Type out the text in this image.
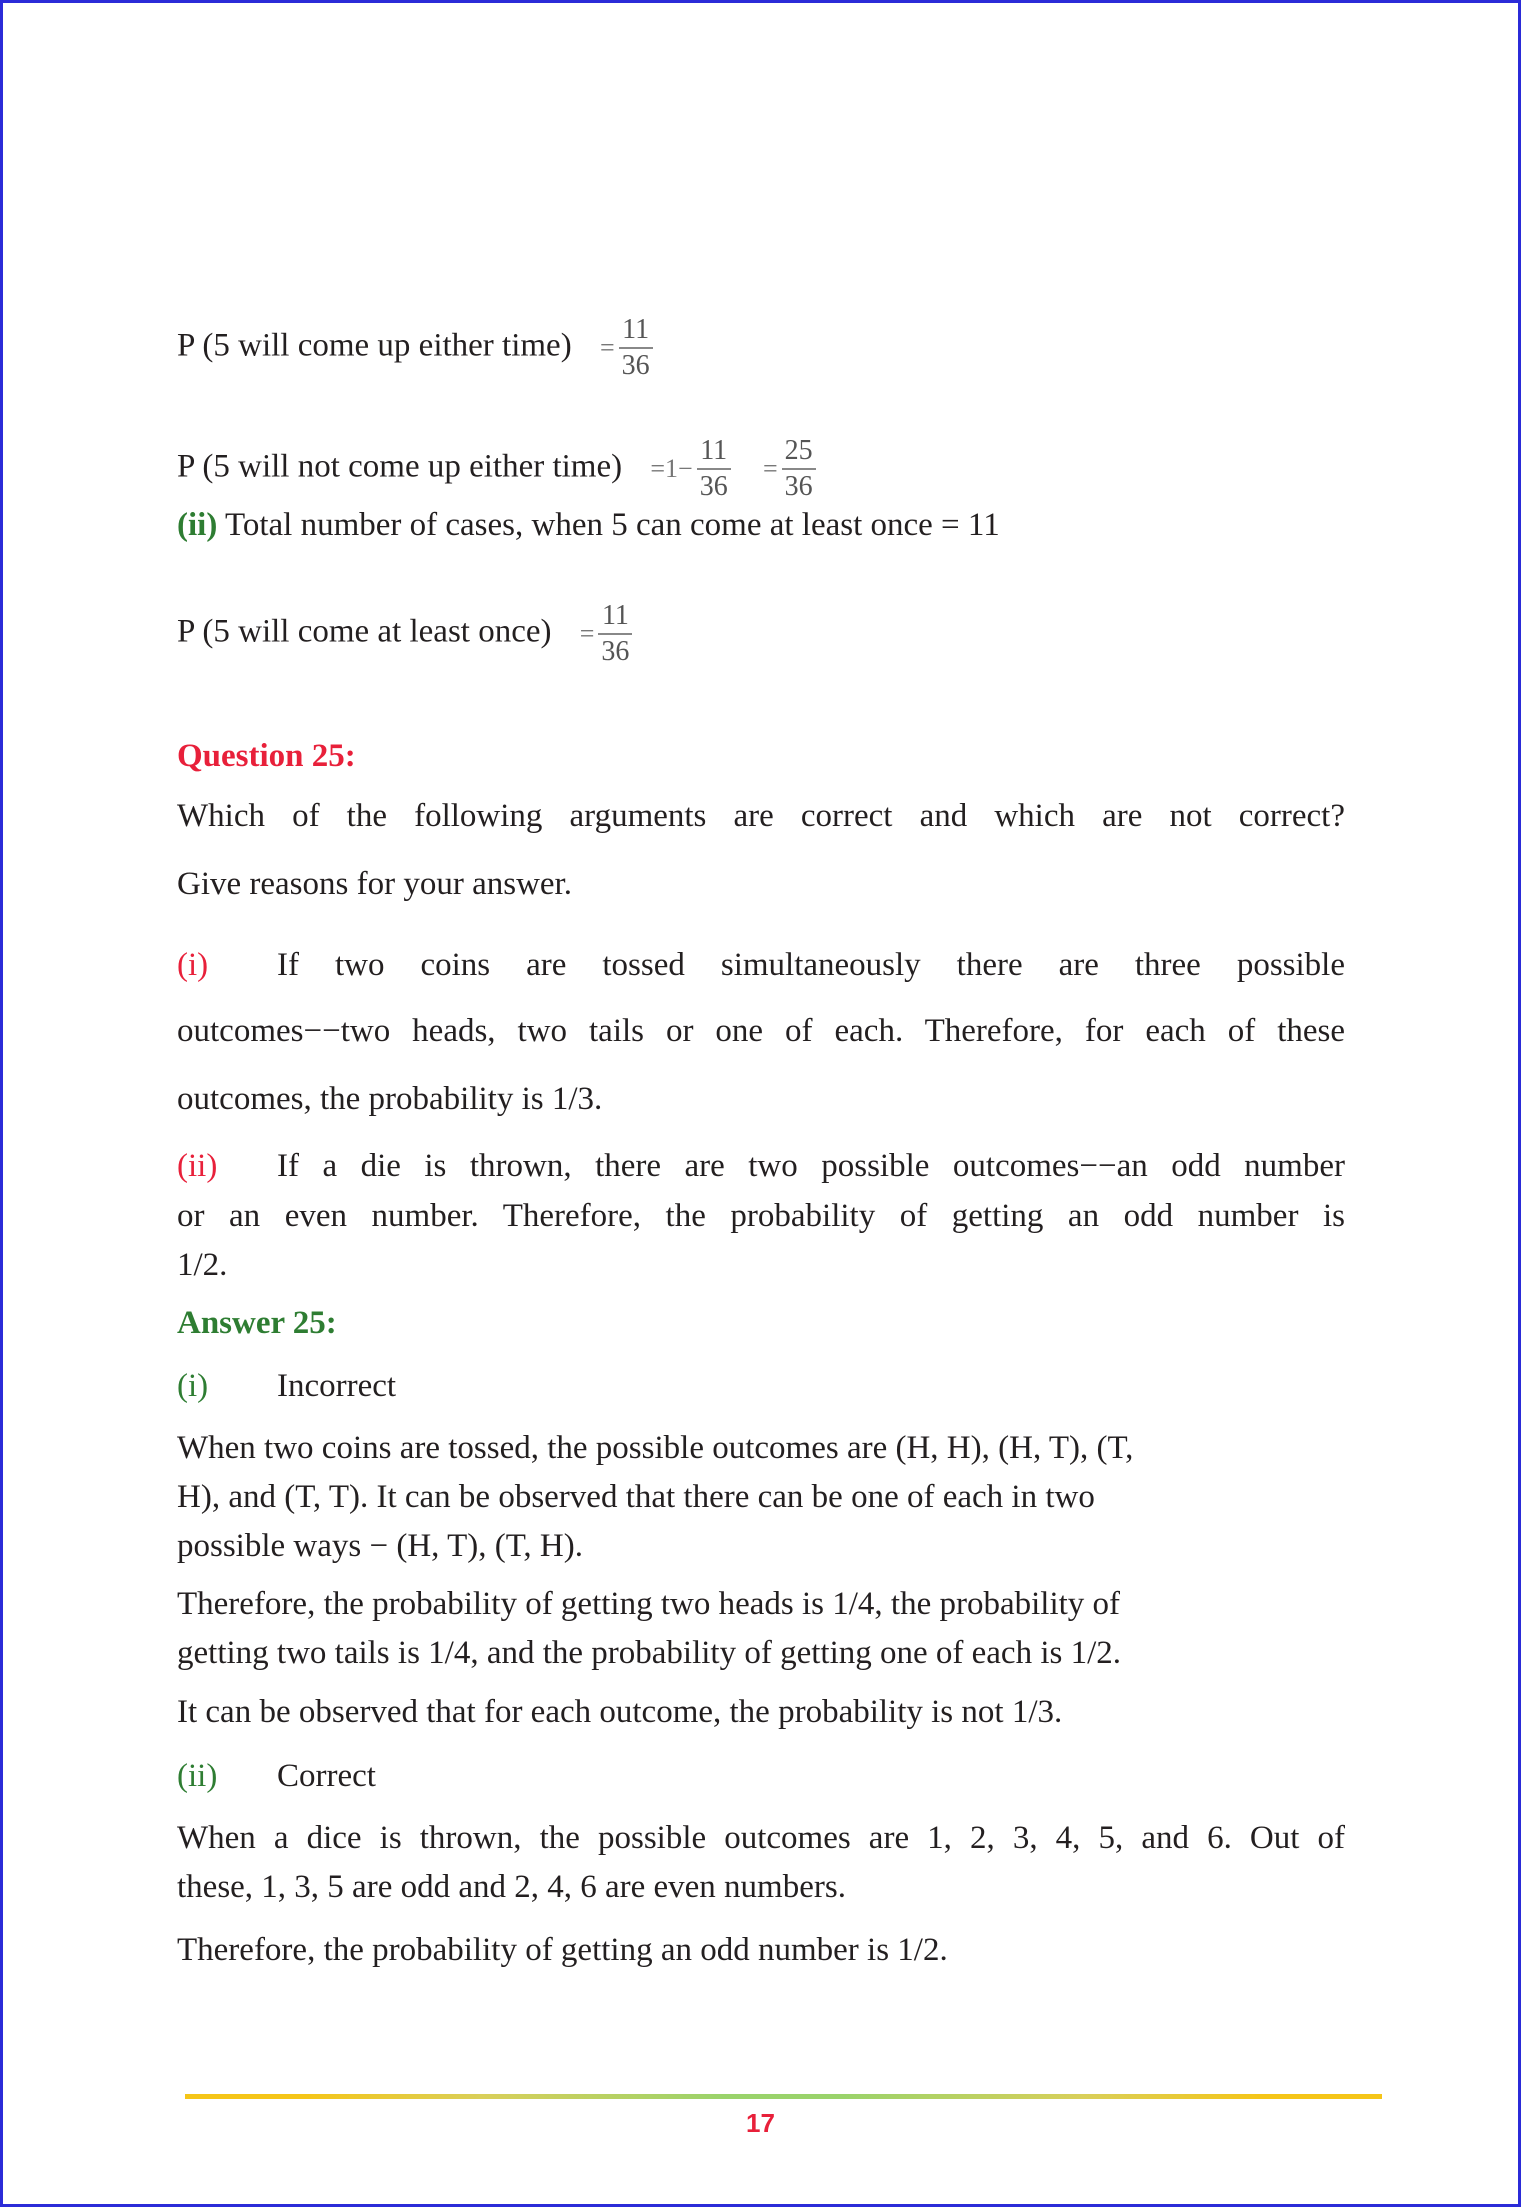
P (5 will come up either time) = $\frac{11}{36}$
P (5 will not come up either time) $=1- \frac{11}{36} = \frac{25}{36}$
(ii) Total number of cases, when 5 can come at least once = 11
P (5 will come at least once) = $\frac{11}{36}$
Question 25:
Which of the following arguments are correct and which are not correct?
Give reasons for your answer.
(i) If two coins are tossed simultaneously there are three possible
outcomes−−two heads, two tails or one of each. Therefore, for each of these
outcomes, the probability is 1/3.
(ii) If a die is thrown, there are two possible outcomes−−an odd number
or an even number. Therefore, the probability of getting an odd number is
1/2.
Answer 25:
(i) Incorrect
When two coins are tossed, the possible outcomes are (H, H), (H, T), (T,
H), and (T, T). It can be observed that there can be one of each in two
possible ways − (H, T), (T, H).
Therefore, the probability of getting two heads is 1/4, the probability of
getting two tails is 1/4, and the probability of getting one of each is 1/2.
It can be observed that for each outcome, the probability is not 1/3.
(ii) Correct
When a dice is thrown, the possible outcomes are 1, 2, 3, 4, 5, and 6. Out of
these, 1, 3, 5 are odd and 2, 4, 6 are even numbers.
Therefore, the probability of getting an odd number is 1/2.
17
